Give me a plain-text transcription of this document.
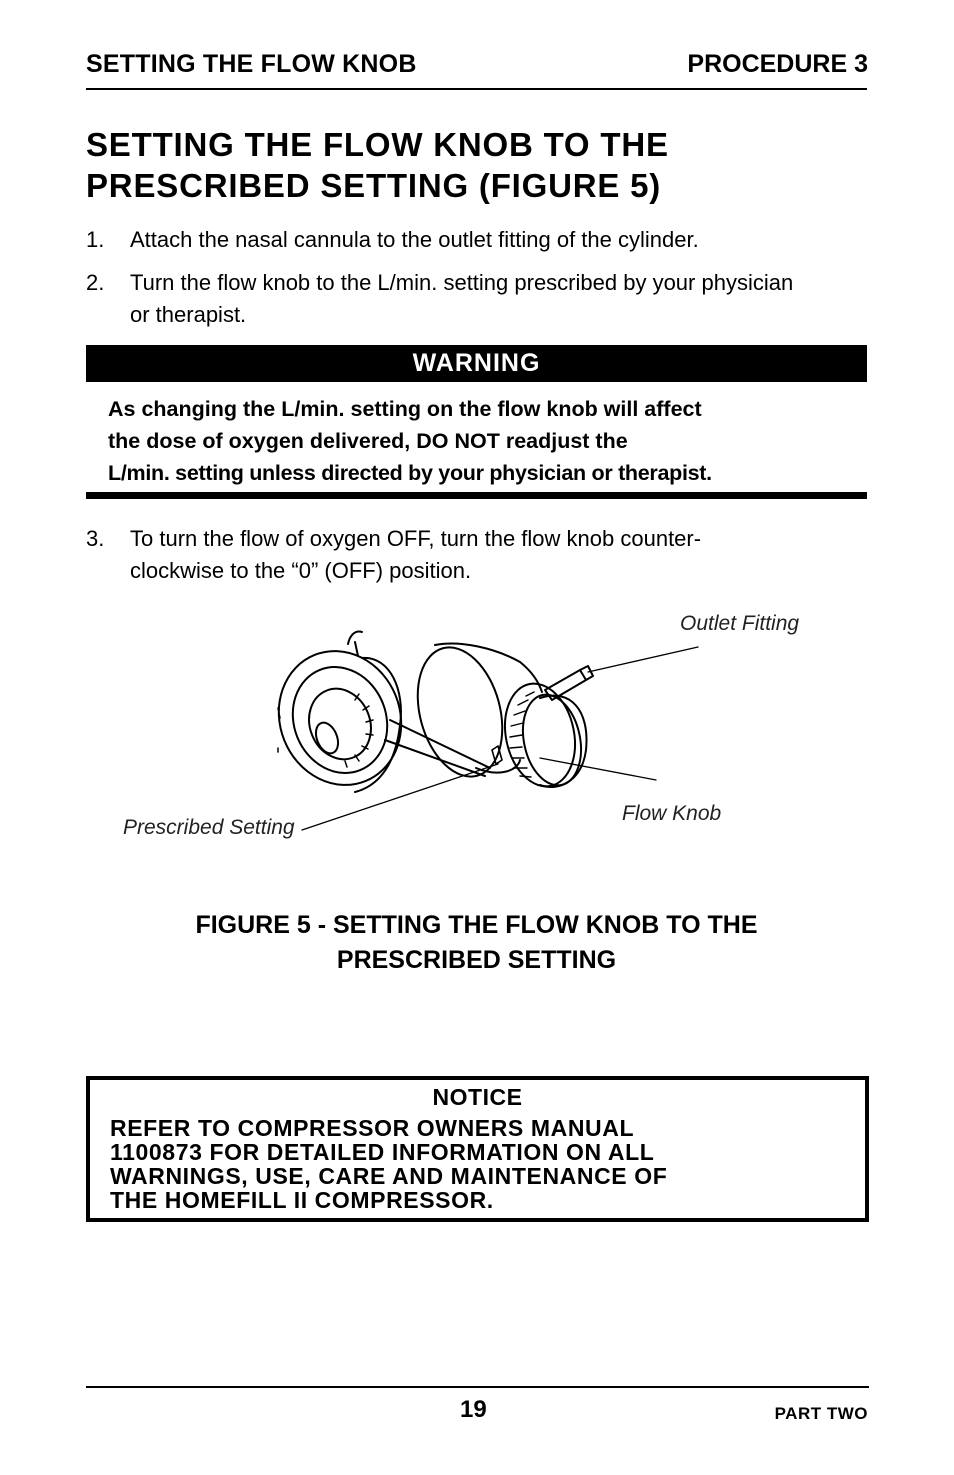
SETTING THE FLOW KNOB	PROCEDURE 3
SETTING THE FLOW KNOB TO THE
PRESCRIBED SETTING (FIGURE 5)
1.	Attach the nasal cannula to the outlet fitting of the cylinder.
2.	Turn the flow knob to the L/min. setting prescribed by your physician or therapist.
WARNING
As changing the L/min. setting on the flow knob will affect
the dose of oxygen delivered, DO NOT readjust the
L/min. setting unless directed by your physician or therapist.
3.	To turn the flow of oxygen OFF, turn the flow knob counter-clockwise to the “0” (OFF) position.
Outlet Fitting
Flow Knob
Prescribed Setting
FIGURE 5 - SETTING THE FLOW KNOB TO THE
PRESCRIBED SETTING
NOTICE
REFER TO COMPRESSOR OWNERS MANUAL
1100873 FOR DETAILED INFORMATION ON ALL
WARNINGS, USE, CARE AND MAINTENANCE OF
THE HOMEFILL II COMPRESSOR.
19	PART TWO
